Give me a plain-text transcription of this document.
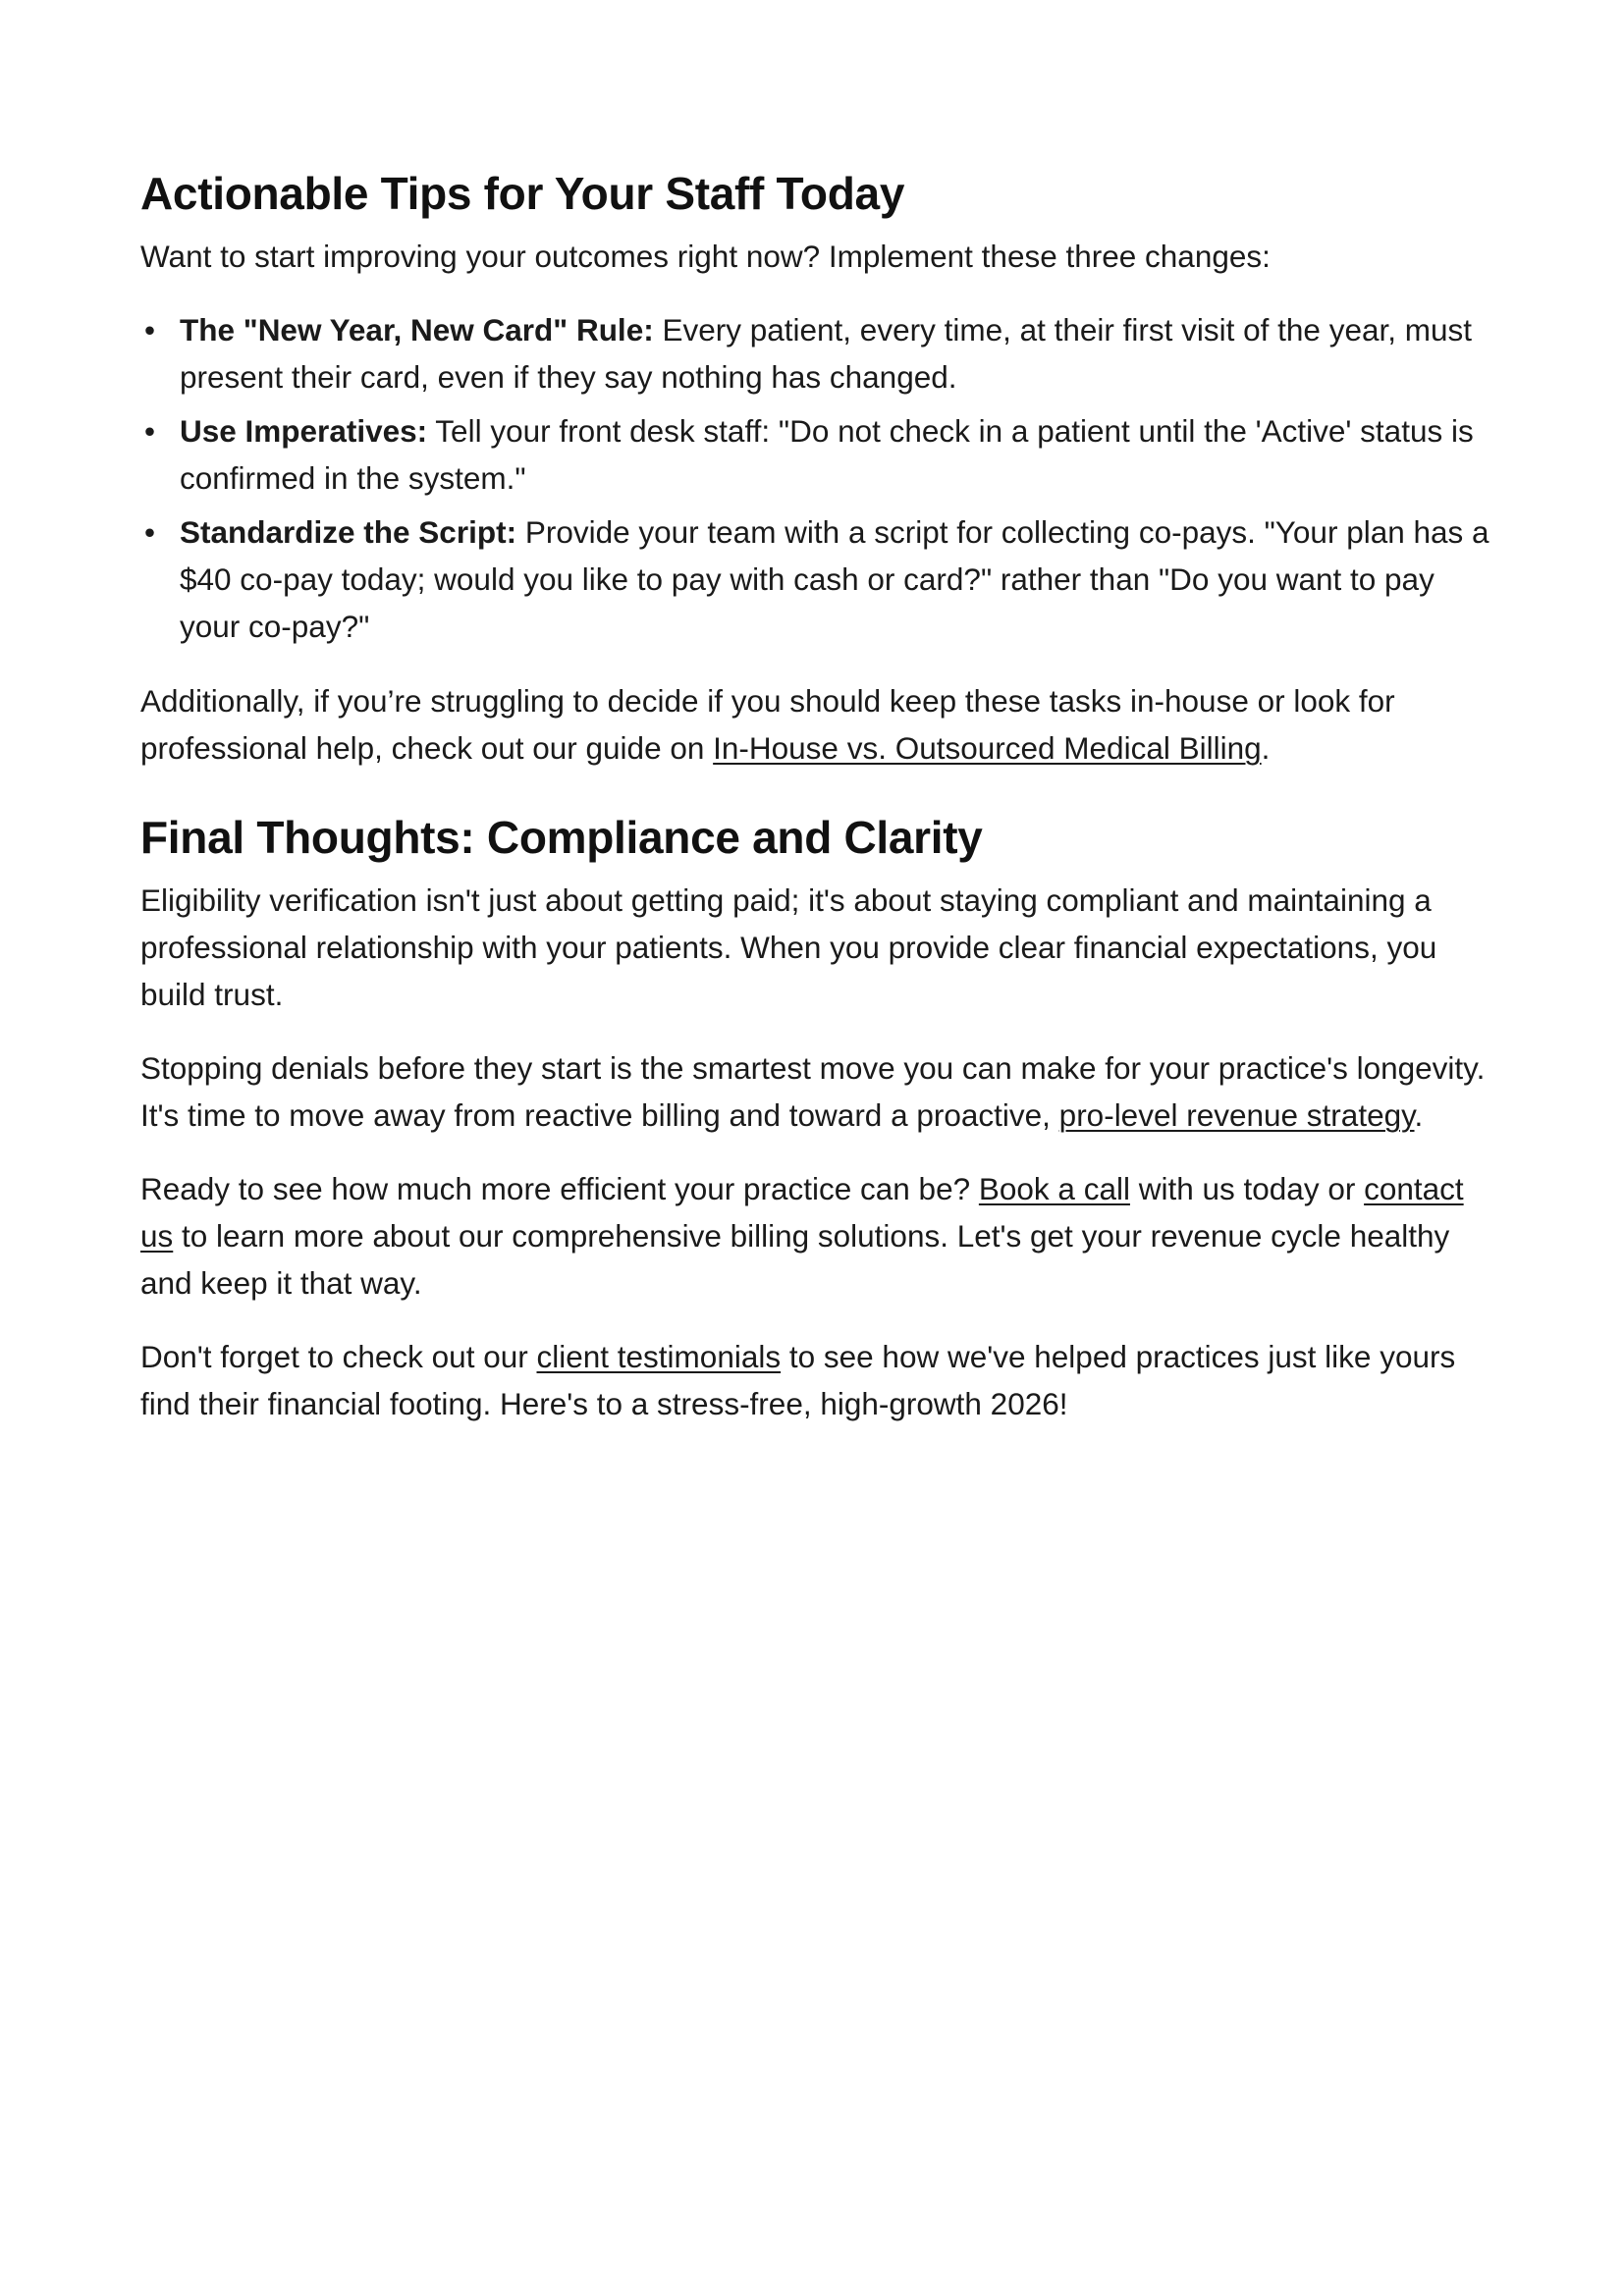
Actionable Tips for Your Staff Today

Want to start improving your outcomes right now? Implement these three changes:

• The "New Year, New Card" Rule: Every patient, every time, at their first visit of the year, must present their card, even if they say nothing has changed.
• Use Imperatives: Tell your front desk staff: "Do not check in a patient until the 'Active' status is confirmed in the system."
• Standardize the Script: Provide your team with a script for collecting co-pays. "Your plan has a $40 co-pay today; would you like to pay with cash or card?" rather than "Do you want to pay your co-pay?"

Additionally, if you’re struggling to decide if you should keep these tasks in-house or look for professional help, check out our guide on In-House vs. Outsourced Medical Billing.

Final Thoughts: Compliance and Clarity

Eligibility verification isn't just about getting paid; it's about staying compliant and maintaining a professional relationship with your patients. When you provide clear financial expectations, you build trust.

Stopping denials before they start is the smartest move you can make for your practice's longevity. It's time to move away from reactive billing and toward a proactive, pro-level revenue strategy.

Ready to see how much more efficient your practice can be? Book a call with us today or contact us to learn more about our comprehensive billing solutions. Let's get your revenue cycle healthy and keep it that way.

Don't forget to check out our client testimonials to see how we've helped practices just like yours find their financial footing. Here's to a stress-free, high-growth 2026!
